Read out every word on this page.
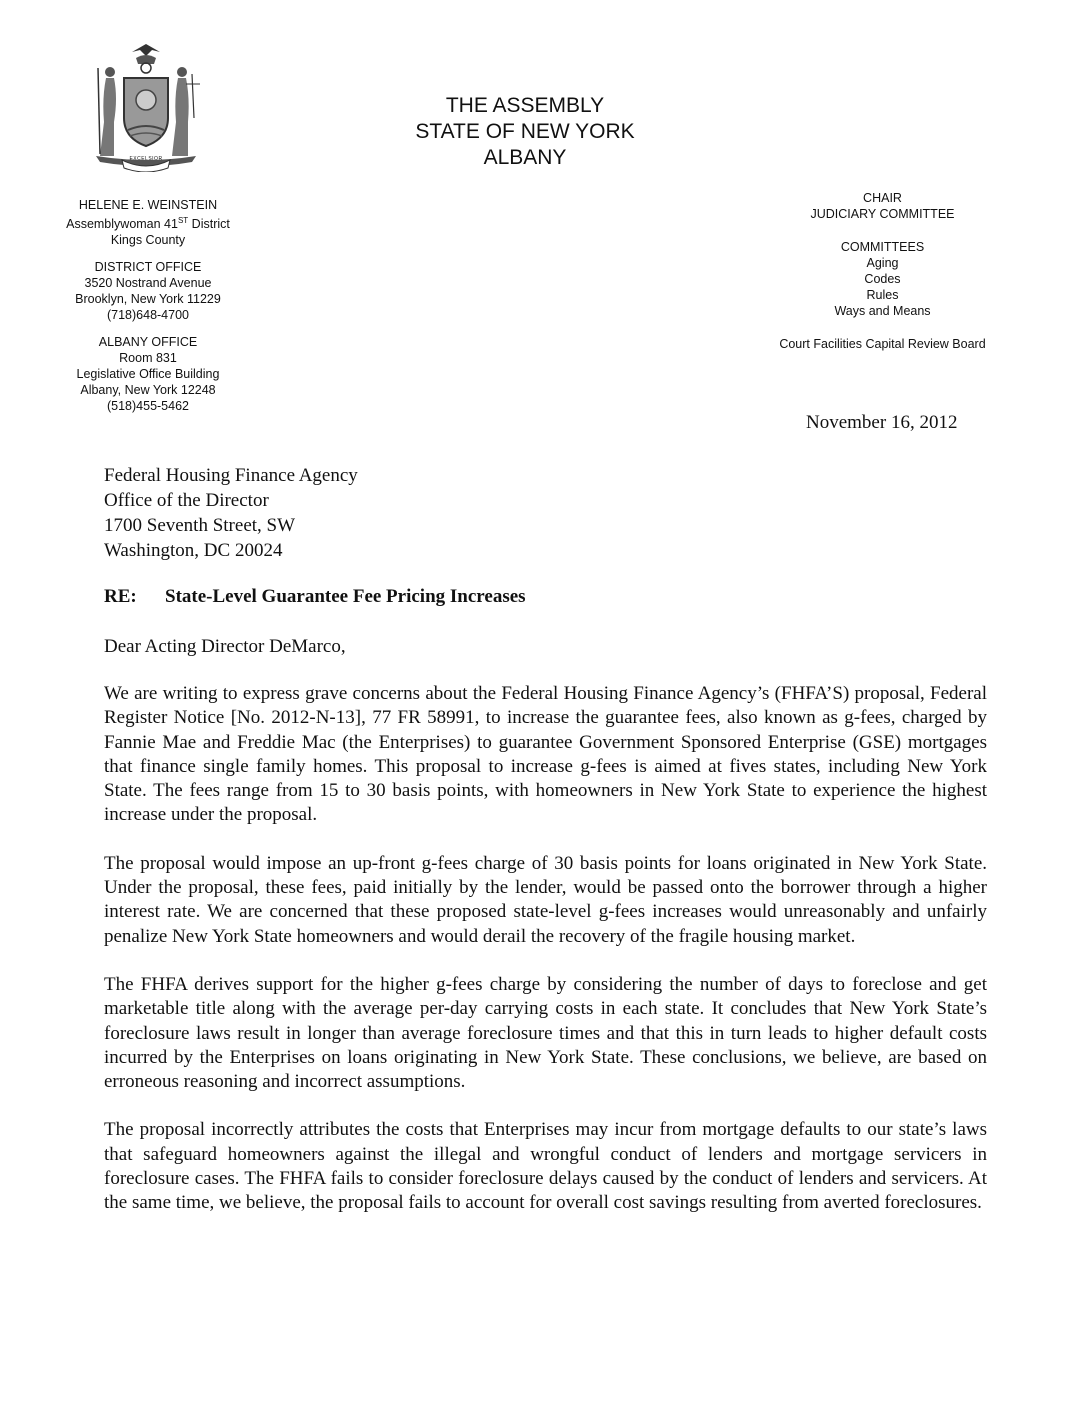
EXCELSIOR
THE ASSEMBLY
STATE OF NEW YORK
ALBANY
HELENE E. WEINSTEIN
Assemblywoman 41ST District
Kings County
DISTRICT OFFICE
3520 Nostrand Avenue
Brooklyn, New York 11229
(718)648-4700
ALBANY OFFICE
Room 831
Legislative Office Building
Albany, New York 12248
(518)455-5462
CHAIR
JUDICIARY COMMITTEE
COMMITTEES
Aging
Codes
Rules
Ways and Means
Court Facilities Capital Review Board
November 16, 2012
Federal Housing Finance Agency
Office of the Director
1700 Seventh Street, SW
Washington, DC 20024
RE: State-Level Guarantee Fee Pricing Increases
Dear Acting Director DeMarco,

We are writing to express grave concerns about the Federal Housing Finance Agency’s (FHFA’S) proposal, Federal Register Notice [No. 2012-N-13], 77 FR 58991, to increase the guarantee fees, also known as g-fees, charged by Fannie Mae and Freddie Mac (the Enterprises) to guarantee Government Sponsored Enterprise (GSE) mortgages that finance single family homes. This proposal to increase g-fees is aimed at fives states, including New York State. The fees range from 15 to 30 basis points, with homeowners in New York State to experience the highest increase under the proposal.

The proposal would impose an up-front g-fees charge of 30 basis points for loans originated in New York State. Under the proposal, these fees, paid initially by the lender, would be passed onto the borrower through a higher interest rate. We are concerned that these proposed state-level g-fees increases would unreasonably and unfairly penalize New York State homeowners and would derail the recovery of the fragile housing market.

The FHFA derives support for the higher g-fees charge by considering the number of days to foreclose and get marketable title along with the average per-day carrying costs in each state. It concludes that New York State’s foreclosure laws result in longer than average foreclosure times and that this in turn leads to higher default costs incurred by the Enterprises on loans originating in New York State. These conclusions, we believe, are based on erroneous reasoning and incorrect assumptions.

The proposal incorrectly attributes the costs that Enterprises may incur from mortgage defaults to our state’s laws that safeguard homeowners against the illegal and wrongful conduct of lenders and mortgage servicers in foreclosure cases. The FHFA fails to consider foreclosure delays caused by the conduct of lenders and servicers. At the same time, we believe, the proposal fails to account for overall cost savings resulting from averted foreclosures.
